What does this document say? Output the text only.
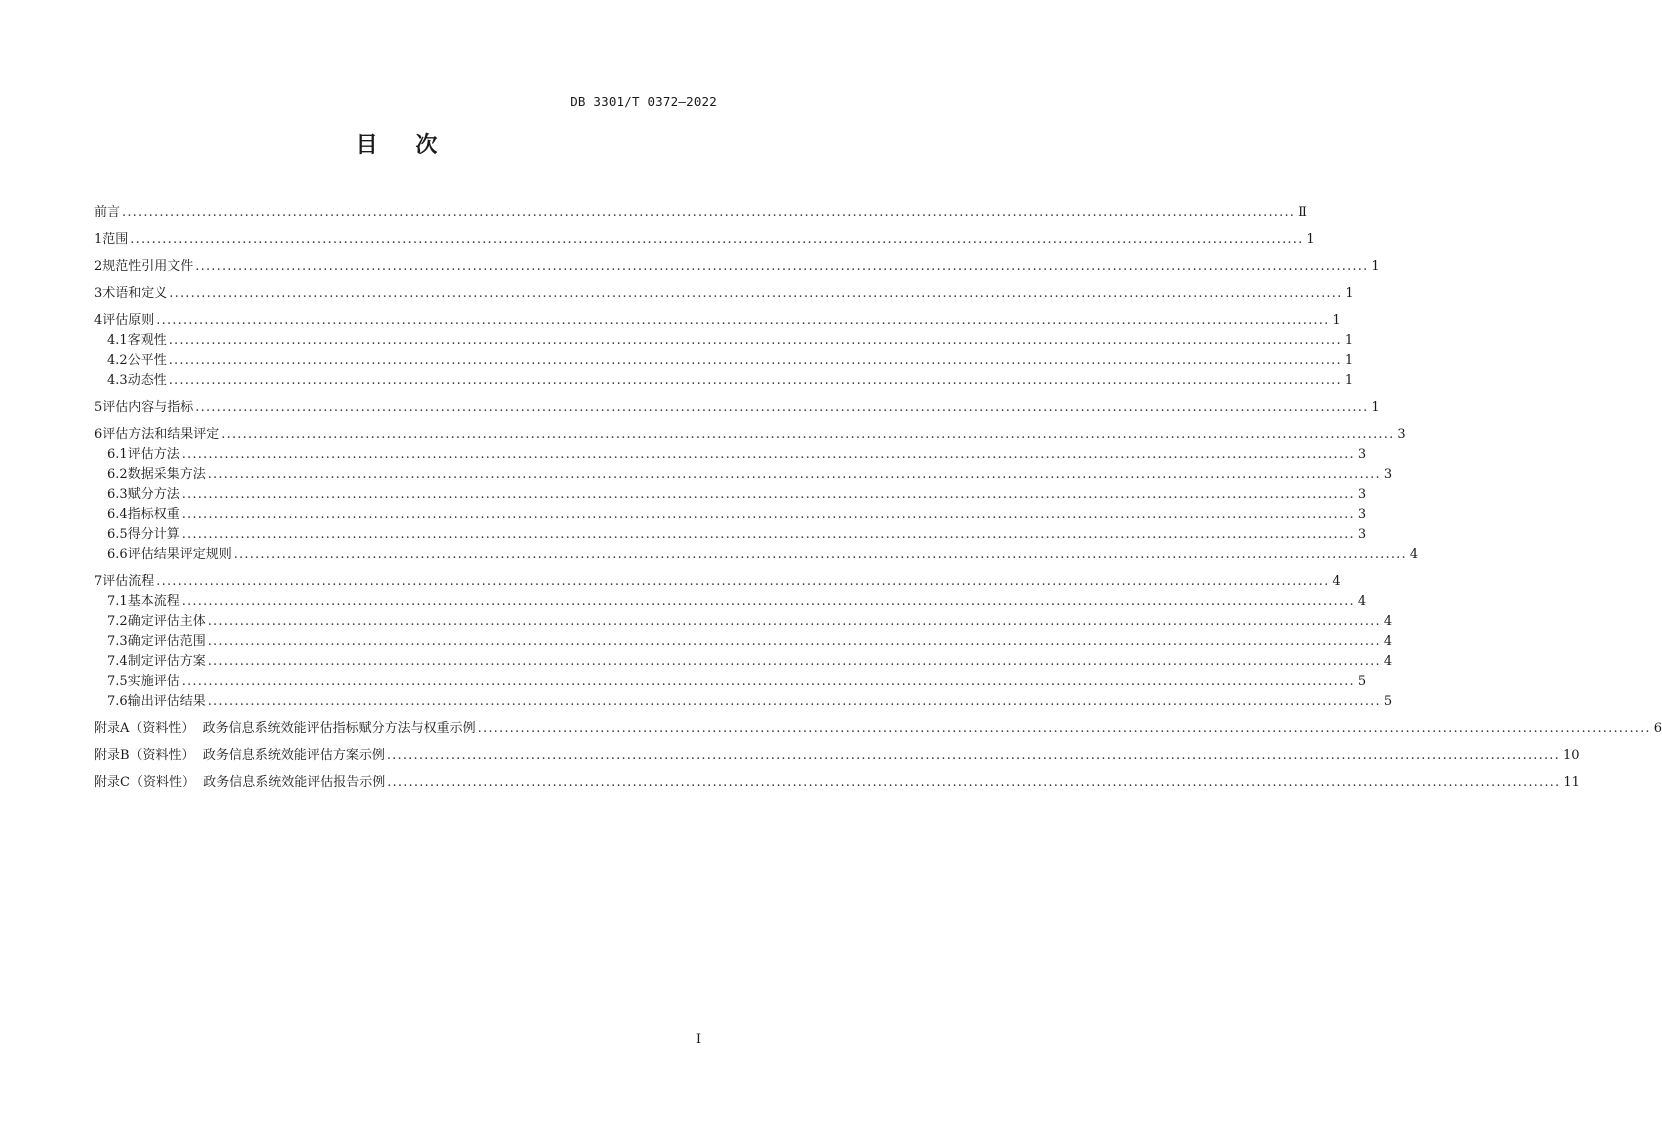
DB 3301/T 0372—2022
目 次
前言 ............................................................................................................................................................................................................................ Ⅱ
1 范围 ............................................................................................................................................................................................................................ 1
2 规范性引用文件 ............................................................................................................................................................................................................................ 1
3 术语和定义 ............................................................................................................................................................................................................................ 1
4 评估原则 ............................................................................................................................................................................................................................ 1
4.1 客观性 ............................................................................................................................................................................................................................ 1
4.2 公平性 ............................................................................................................................................................................................................................ 1
4.3 动态性 ............................................................................................................................................................................................................................ 1
5 评估内容与指标 ............................................................................................................................................................................................................................ 1
6 评估方法和结果评定 ............................................................................................................................................................................................................................ 3
6.1 评估方法 ............................................................................................................................................................................................................................ 3
6.2 数据采集方法 ............................................................................................................................................................................................................................ 3
6.3 赋分方法 ............................................................................................................................................................................................................................ 3
6.4 指标权重 ............................................................................................................................................................................................................................ 3
6.5 得分计算 ............................................................................................................................................................................................................................ 3
6.6 评估结果评定规则 ............................................................................................................................................................................................................................ 4
7 评估流程 ............................................................................................................................................................................................................................ 4
7.1 基本流程 ............................................................................................................................................................................................................................ 4
7.2 确定评估主体 ............................................................................................................................................................................................................................ 4
7.3 确定评估范围 ............................................................................................................................................................................................................................ 4
7.4 制定评估方案 ............................................................................................................................................................................................................................ 4
7.5 实施评估 ............................................................................................................................................................................................................................ 5
7.6 输出评估结果 ............................................................................................................................................................................................................................ 5
附录A（资料性）  政务信息系统效能评估指标赋分方法与权重示例 ............................................................................................................................................................................................................................ 6
附录B（资料性）  政务信息系统效能评估方案示例 ............................................................................................................................................................................................................................ 10
附录C（资料性）  政务信息系统效能评估报告示例 ............................................................................................................................................................................................................................ 11
I
